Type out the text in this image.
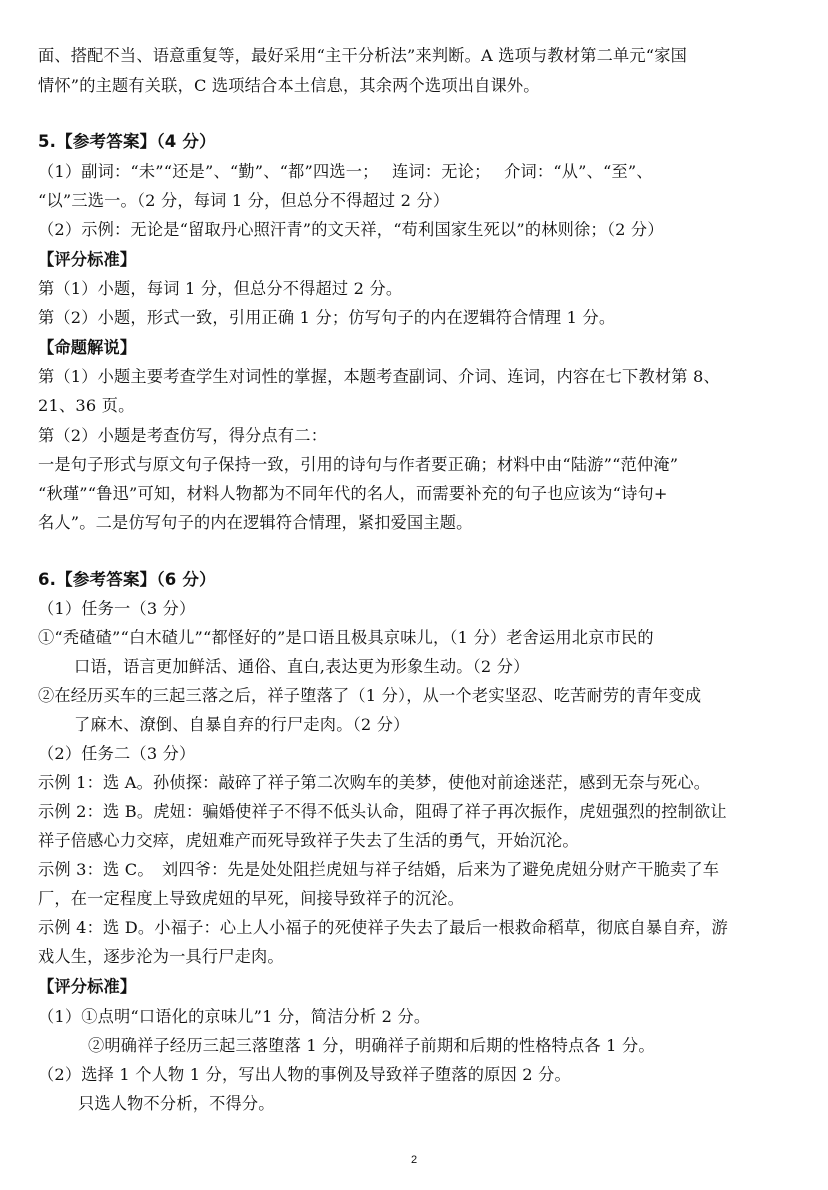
面、搭配不当、语意重复等，最好采用“主干分析法”来判断。A 选项与教材第二单元“家国
情怀”的主题有关联，C 选项结合本土信息，其余两个选项出自课外。
5.【参考答案】（4 分）
（1）副词：“未”“还是”、“勤”、“都”四选一；　 连词：无论；　 介词：“从”、“至”、
“以”三选一。（2 分，每词 1 分，但总分不得超过 2 分）
（2）示例：无论是“留取丹心照汗青”的文天祥，“苟利国家生死以”的林则徐；（2 分）
【评分标准】
第（1）小题，每词 1 分，但总分不得超过 2 分。
第（2）小题，形式一致，引用正确 1 分；仿写句子的内在逻辑符合情理 1 分。
【命题解说】
第（1）小题主要考查学生对词性的掌握，本题考查副词、介词、连词，内容在七下教材第 8、
21、36 页。
第（2）小题是考查仿写，得分点有二：
一是句子形式与原文句子保持一致，引用的诗句与作者要正确；材料中由“陆游”“范仲淹”
“秋瑾”“鲁迅”可知，材料人物都为不同年代的名人，而需要补充的句子也应该为“诗句+
名人”。二是仿写句子的内在逻辑符合情理，紧扣爱国主题。
6.【参考答案】（6 分）
（1）任务一（3 分）
①“秃碴碴”“白木碴儿”“都怪好的”是口语且极具京味儿，（1 分）老舍运用北京市民的
口语，语言更加鲜活、通俗、直白,表达更为形象生动。（2 分）
②在经历买车的三起三落之后，祥子堕落了（1 分），从一个老实坚忍、吃苦耐劳的青年变成
了麻木、潦倒、自暴自弃的行尸走肉。（2 分）
（2）任务二（3 分）
示例 1：选 A。孙侦探：敲碎了祥子第二次购车的美梦，使他对前途迷茫，感到无奈与死心。
示例 2：选 B。虎妞：骗婚使祥子不得不低头认命，阻碍了祥子再次振作，虎妞强烈的控制欲让
祥子倍感心力交瘁，虎妞难产而死导致祥子失去了生活的勇气，开始沉沦。
示例 3：选 C。　刘四爷：先是处处阻拦虎妞与祥子结婚，后来为了避免虎妞分财产干脆卖了车
厂，在一定程度上导致虎妞的早死，间接导致祥子的沉沦。
示例 4：选 D。小福子：心上人小福子的死使祥子失去了最后一根救命稻草，彻底自暴自弃，游
戏人生，逐步沦为一具行尸走肉。
【评分标准】
（1）①点明“口语化的京味儿”1 分，简洁分析 2 分。
②明确祥子经历三起三落堕落 1 分，明确祥子前期和后期的性格特点各 1 分。
（2）选择 1 个人物 1 分，写出人物的事例及导致祥子堕落的原因 2 分。
只选人物不分析，不得分。
2
